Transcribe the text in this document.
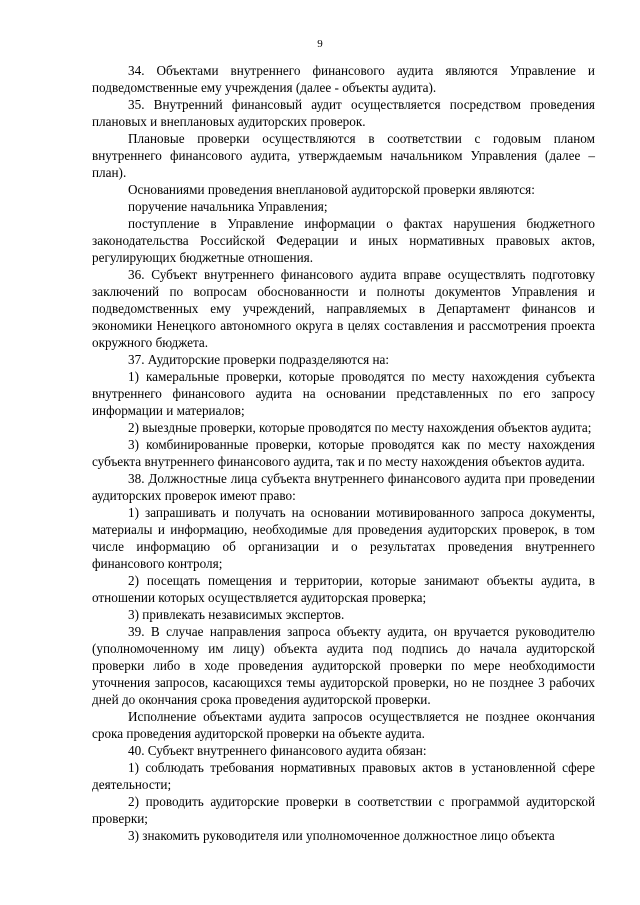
9

34. Объектами внутреннего финансового аудита являются Управление и подведомственные ему учреждения (далее - объекты аудита).

35. Внутренний финансовый аудит осуществляется посредством проведения плановых и внеплановых аудиторских проверок.

Плановые проверки осуществляются в соответствии с годовым планом внутреннего финансового аудита, утверждаемым начальником Управления (далее – план).

Основаниями проведения внеплановой аудиторской проверки являются:

поручение начальника Управления;

поступление в Управление информации о фактах нарушения бюджетного законодательства Российской Федерации и иных нормативных правовых актов, регулирующих бюджетные отношения.

36. Субъект внутреннего финансового аудита вправе осуществлять подготовку заключений по вопросам обоснованности и полноты документов Управления и подведомственных ему учреждений, направляемых в Департамент финансов и экономики Ненецкого автономного округа в целях составления и рассмотрения проекта окружного бюджета.

37. Аудиторские проверки подразделяются на:

1) камеральные проверки, которые проводятся по месту нахождения субъекта внутреннего финансового аудита на основании представленных по его запросу информации и материалов;

2) выездные проверки, которые проводятся по месту нахождения объектов аудита;

3) комбинированные проверки, которые проводятся как по месту нахождения субъекта внутреннего финансового аудита, так и по месту нахождения объектов аудита.

38. Должностные лица субъекта внутреннего финансового аудита при проведении аудиторских проверок имеют право:

1) запрашивать и получать на основании мотивированного запроса документы, материалы и информацию, необходимые для проведения аудиторских проверок, в том числе информацию об организации и о результатах проведения внутреннего финансового контроля;

2) посещать помещения и территории, которые занимают объекты аудита, в отношении которых осуществляется аудиторская проверка;

3) привлекать независимых экспертов.

39. В случае направления запроса объекту аудита, он вручается руководителю (уполномоченному им лицу) объекта аудита под подпись до начала аудиторской проверки либо в ходе проведения аудиторской проверки по мере необходимости уточнения запросов, касающихся темы аудиторской проверки, но не позднее 3 рабочих дней до окончания срока проведения аудиторской проверки.

Исполнение объектами аудита запросов осуществляется не позднее окончания срока проведения аудиторской проверки на объекте аудита.

40. Субъект внутреннего финансового аудита обязан:

1) соблюдать требования нормативных правовых актов в установленной сфере деятельности;

2) проводить аудиторские проверки в соответствии с программой аудиторской проверки;

3) знакомить руководителя или уполномоченное должностное лицо объекта
